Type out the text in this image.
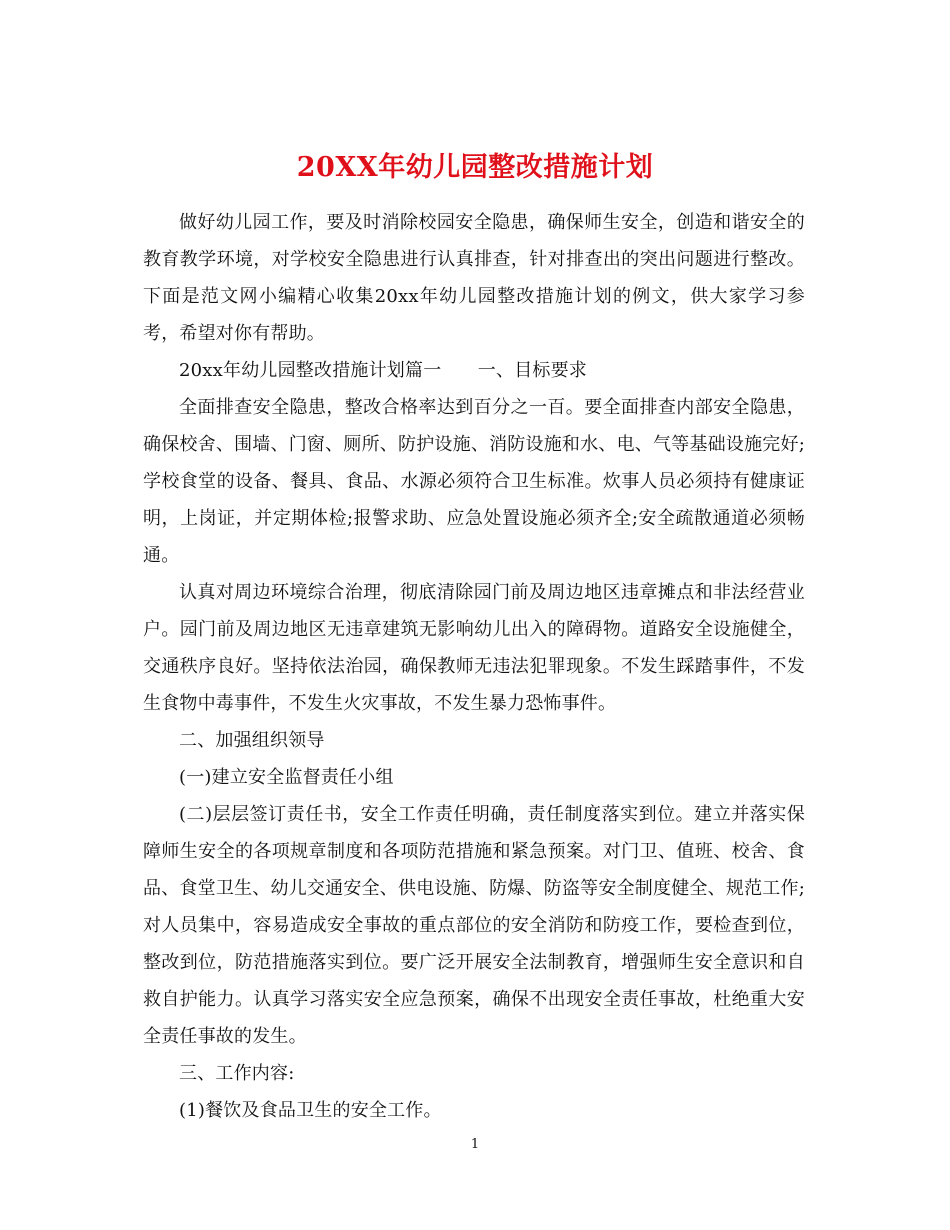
20XX年幼儿园整改措施计划

做好幼儿园工作，要及时消除校园安全隐患，确保师生安全，创造和谐安全的教育教学环境，对学校安全隐患进行认真排查，针对排查出的突出问题进行整改。下面是范文网小编精心收集20xx年幼儿园整改措施计划的例文，供大家学习参考，希望对你有帮助。

20xx年幼儿园整改措施计划篇一　　一、目标要求

全面排查安全隐患，整改合格率达到百分之一百。要全面排查内部安全隐患，确保校舍、围墙、门窗、厕所、防护设施、消防设施和水、电、气等基础设施完好;学校食堂的设备、餐具、食品、水源必须符合卫生标准。炊事人员必须持有健康证明，上岗证，并定期体检;报警求助、应急处置设施必须齐全;安全疏散通道必须畅通。

认真对周边环境综合治理，彻底清除园门前及周边地区违章摊点和非法经营业户。园门前及周边地区无违章建筑无影响幼儿出入的障碍物。道路安全设施健全，交通秩序良好。坚持依法治园，确保教师无违法犯罪现象。不发生踩踏事件，不发生食物中毒事件，不发生火灾事故，不发生暴力恐怖事件。

二、加强组织领导

(一)建立安全监督责任小组

(二)层层签订责任书，安全工作责任明确，责任制度落实到位。建立并落实保障师生安全的各项规章制度和各项防范措施和紧急预案。对门卫、值班、校舍、食品、食堂卫生、幼儿交通安全、供电设施、防爆、防盗等安全制度健全、规范工作;对人员集中，容易造成安全事故的重点部位的安全消防和防疫工作，要检查到位，整改到位，防范措施落实到位。要广泛开展安全法制教育，增强师生安全意识和自救自护能力。认真学习落实安全应急预案，确保不出现安全责任事故，杜绝重大安全责任事故的发生。

三、工作内容:

(1)餐饮及食品卫生的安全工作。

1
